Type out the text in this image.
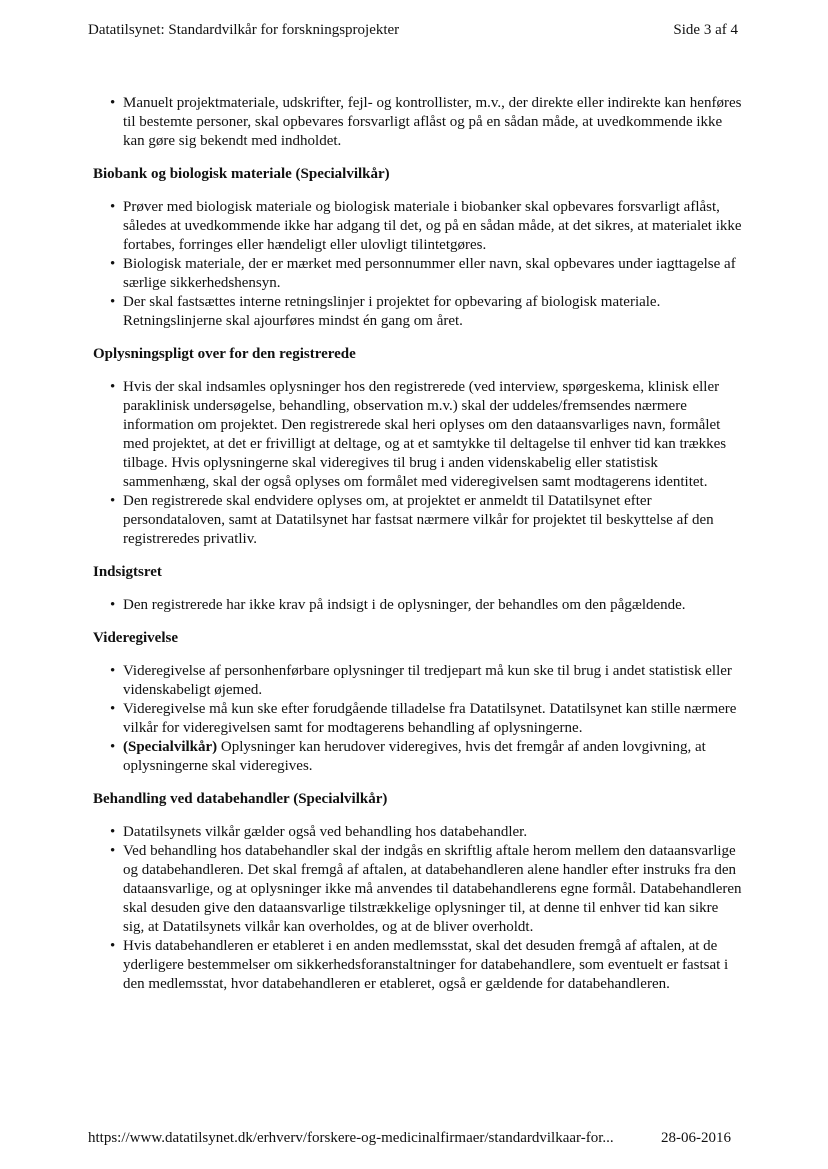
Datatilsynet: Standardvilkår for forskningsprojekter	Side 3 af 4
• Manuelt projektmateriale, udskrifter, fejl- og kontrollister, m.v., der direkte eller indirekte kan henføres til bestemte personer, skal opbevares forsvarligt aflåst og på en sådan måde, at uvedkommende ikke kan gøre sig bekendt med indholdet.
Biobank og biologisk materiale (Specialvilkår)
• Prøver med biologisk materiale og biologisk materiale i biobanker skal opbevares forsvarligt aflåst, således at uvedkommende ikke har adgang til det, og på en sådan måde, at det sikres, at materialet ikke fortabes, forringes eller hændeligt eller ulovligt tilintetgøres.
• Biologisk materiale, der er mærket med personnummer eller navn, skal opbevares under iagttagelse af særlige sikkerhedshensyn.
• Der skal fastsættes interne retningslinjer i projektet for opbevaring af biologisk materiale. Retningslinjerne skal ajourføres mindst én gang om året.
Oplysningspligt over for den registrerede
• Hvis der skal indsamles oplysninger hos den registrerede (ved interview, spørgeskema, klinisk eller paraklinisk undersøgelse, behandling, observation m.v.) skal der uddeles/fremsendes nærmere information om projektet. Den registrerede skal heri oplyses om den dataansvarliges navn, formålet med projektet, at det er frivilligt at deltage, og at et samtykke til deltagelse til enhver tid kan trækkes tilbage. Hvis oplysningerne skal videregives til brug i anden videnskabelig eller statistisk sammenhæng, skal der også oplyses om formålet med videregivelsen samt modtagerens identitet.
• Den registrerede skal endvidere oplyses om, at projektet er anmeldt til Datatilsynet efter persondataloven, samt at Datatilsynet har fastsat nærmere vilkår for projektet til beskyttelse af den registreredes privatliv.
Indsigtsret
• Den registrerede har ikke krav på indsigt i de oplysninger, der behandles om den pågældende.
Videregivelse
• Videregivelse af personhenførbare oplysninger til tredjepart må kun ske til brug i andet statistisk eller videnskabeligt øjemed.
• Videregivelse må kun ske efter forudgående tilladelse fra Datatilsynet. Datatilsynet kan stille nærmere vilkår for videregivelsen samt for modtagerens behandling af oplysningerne.
• (Specialvilkår) Oplysninger kan herudover videregives, hvis det fremgår af anden lovgivning, at oplysningerne skal videregives.
Behandling ved databehandler (Specialvilkår)
• Datatilsynets vilkår gælder også ved behandling hos databehandler.
• Ved behandling hos databehandler skal der indgås en skriftlig aftale herom mellem den dataansvarlige og databehandleren. Det skal fremgå af aftalen, at databehandleren alene handler efter instruks fra den dataansvarlige, og at oplysninger ikke må anvendes til databehandlerens egne formål. Databehandleren skal desuden give den dataansvarlige tilstrækkelige oplysninger til, at denne til enhver tid kan sikre sig, at Datatilsynets vilkår kan overholdes, og at de bliver overholdt.
• Hvis databehandleren er etableret i en anden medlemsstat, skal det desuden fremgå af aftalen, at de yderligere bestemmelser om sikkerhedsforanstaltninger for databehandlere, som eventuelt er fastsat i den medlemsstat, hvor databehandleren er etableret, også er gældende for databehandleren.
https://www.datatilsynet.dk/erhverv/forskere-og-medicinalfirmaer/standardvilkaar-for...	28-06-2016
